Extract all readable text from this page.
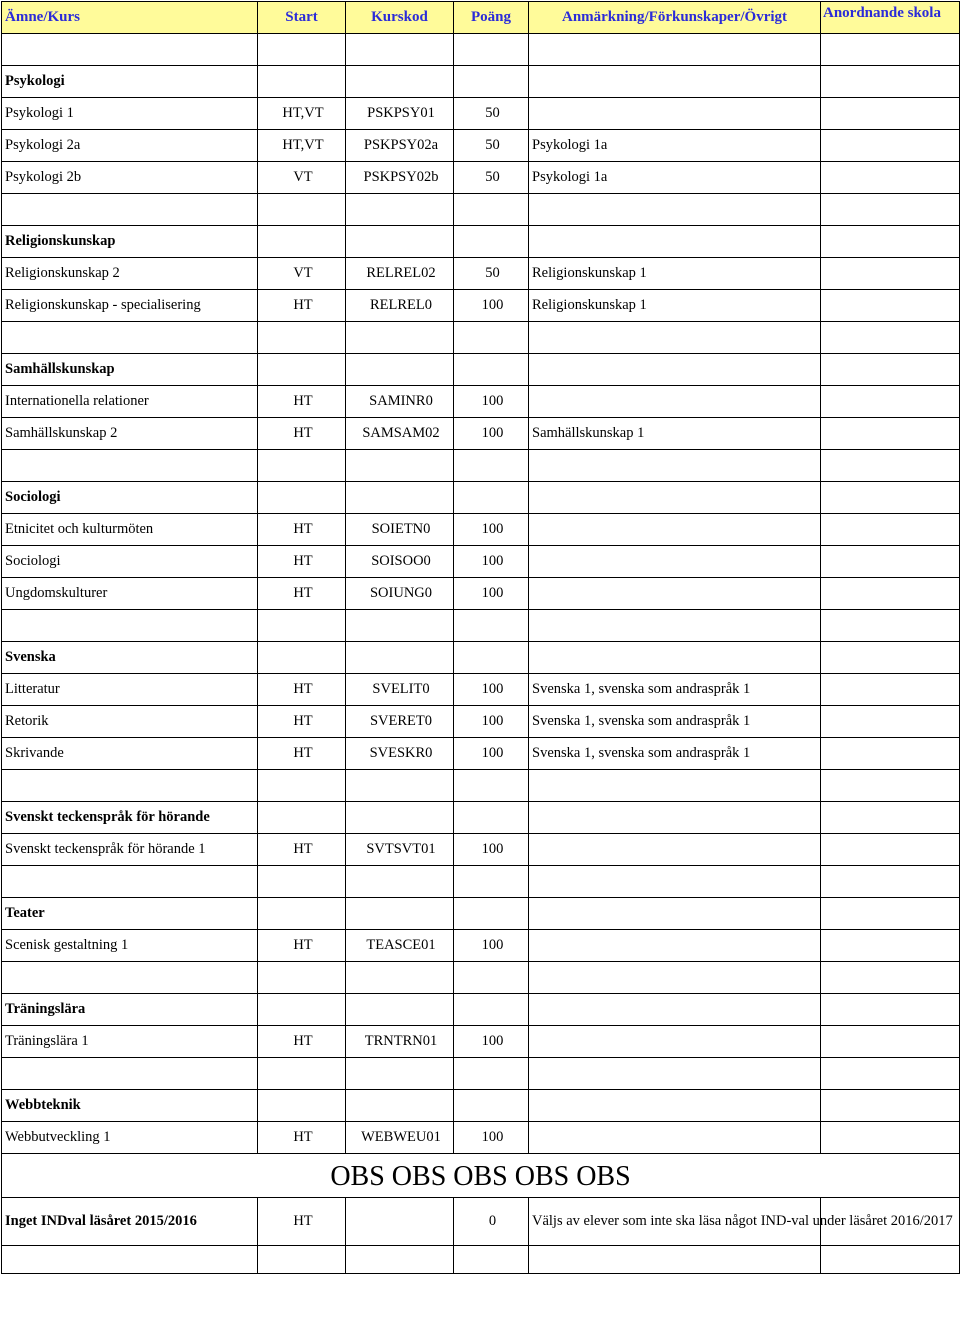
Ämne/Kurs	Start	Kurskod	Poäng	Anmärkning/Förkunskaper/Övrigt	Anordnande skola

Psykologi					
Psykologi 1	HT,VT	PSKPSY01	50		
Psykologi 2a	HT,VT	PSKPSY02a	50	Psykologi 1a	
Psykologi 2b	VT	PSKPSY02b	50	Psykologi 1a	

Religionskunskap					
Religionskunskap 2	VT	RELREL02	50	Religionskunskap 1	
Religionskunskap - specialisering	HT	RELREL0	100	Religionskunskap 1	

Samhällskunskap					
Internationella relationer	HT	SAMINR0	100		
Samhällskunskap 2	HT	SAMSAM02	100	Samhällskunskap 1	

Sociologi					
Etnicitet och kulturmöten	HT	SOIETN0	100		
Sociologi	HT	SOISOO0	100		
Ungdomskulturer	HT	SOIUNG0	100		

Svenska					
Litteratur	HT	SVELIT0	100	Svenska 1, svenska som andraspråk 1	
Retorik	HT	SVERET0	100	Svenska 1, svenska som andraspråk 1	
Skrivande	HT	SVESKR0	100	Svenska 1, svenska som andraspråk 1	

Svenskt teckenspråk för hörande					
Svenskt teckenspråk för hörande 1	HT	SVTSVT01	100		

Teater					
Scenisk gestaltning 1	HT	TEASCE01	100		

Träningslära					
Träningslära 1	HT	TRNTRN01	100		

Webbteknik					
Webbutveckling 1	HT	WEBWEU01	100		
OBS OBS OBS OBS OBS					
Inget INDval läsåret 2015/2016	HT		0	Väljs av elever som inte ska läsa något IND-val under läsåret 2016/2017	
